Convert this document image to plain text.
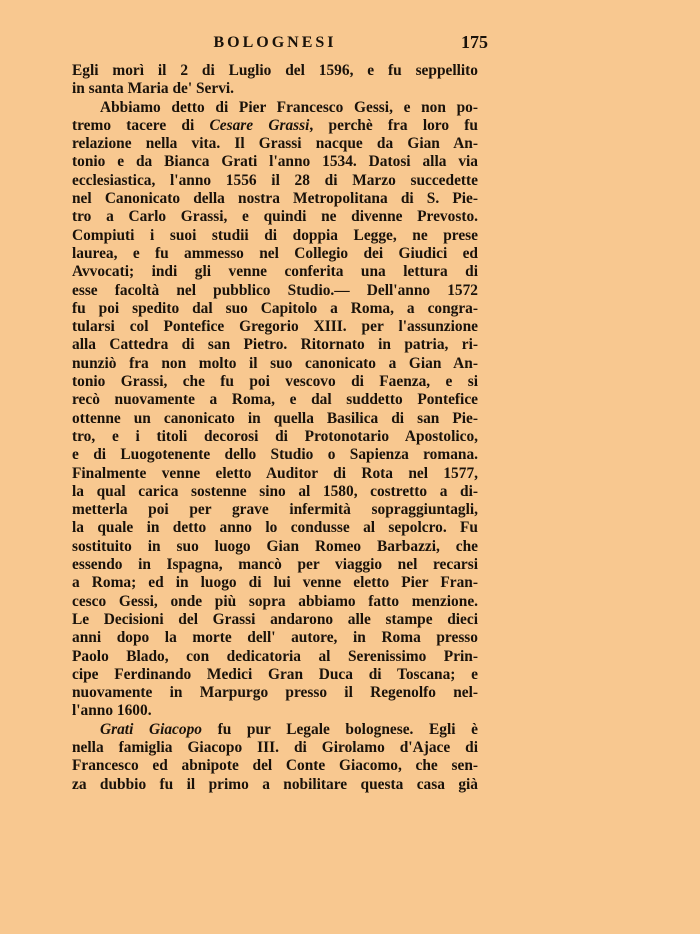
BOLOGNESI	175
Egli morì il 2 di Luglio del 1596, e fu seppellito
in santa Maria de' Servi.
Abbiamo detto di Pier Francesco Gessi, e non po-
tremo tacere di Cesare Grassi, perchè fra loro fu
relazione nella vita. Il Grassi nacque da Gian An-
tonio e da Bianca Grati l'anno 1534. Datosi alla via
ecclesiastica, l'anno 1556 il 28 di Marzo succedette
nel Canonicato della nostra Metropolitana di S. Pie-
tro a Carlo Grassi, e quindi ne divenne Prevosto.
Compiuti i suoi studii di doppia Legge, ne prese
laurea, e fu ammesso nel Collegio dei Giudici ed
Avvocati; indi gli venne conferita una lettura di
esse facoltà nel pubblico Studio.— Dell'anno 1572
fu poi spedito dal suo Capitolo a Roma, a congra-
tularsi col Pontefice Gregorio XIII. per l'assunzione
alla Cattedra di san Pietro. Ritornato in patria, ri-
nunziò fra non molto il suo canonicato a Gian An-
tonio Grassi, che fu poi vescovo di Faenza, e si
recò nuovamente a Roma, e dal suddetto Pontefice
ottenne un canonicato in quella Basilica di san Pie-
tro, e i titoli decorosi di Protonotario Apostolico,
e di Luogotenente dello Studio o Sapienza romana.
Finalmente venne eletto Auditor di Rota nel 1577,
la qual carica sostenne sino al 1580, costretto a di-
metterla poi per grave infermità sopraggiuntagli,
la quale in detto anno lo condusse al sepolcro. Fu
sostituito in suo luogo Gian Romeo Barbazzi, che
essendo in Ispagna, mancò per viaggio nel recarsi
a Roma; ed in luogo di lui venne eletto Pier Fran-
cesco Gessi, onde più sopra abbiamo fatto menzione.
Le Decisioni del Grassi andarono alle stampe dieci
anni dopo la morte dell' autore, in Roma presso
Paolo Blado, con dedicatoria al Serenissimo Prin-
cipe Ferdinando Medici Gran Duca di Toscana; e
nuovamente in Marpurgo presso il Regenolfo nel-
l'anno 1600.
Grati Giacopo fu pur Legale bolognese. Egli è
nella famiglia Giacopo III. di Girolamo d'Ajace di
Francesco ed abnipote del Conte Giacomo, che sen-
za dubbio fu il primo a nobilitare questa casa già
